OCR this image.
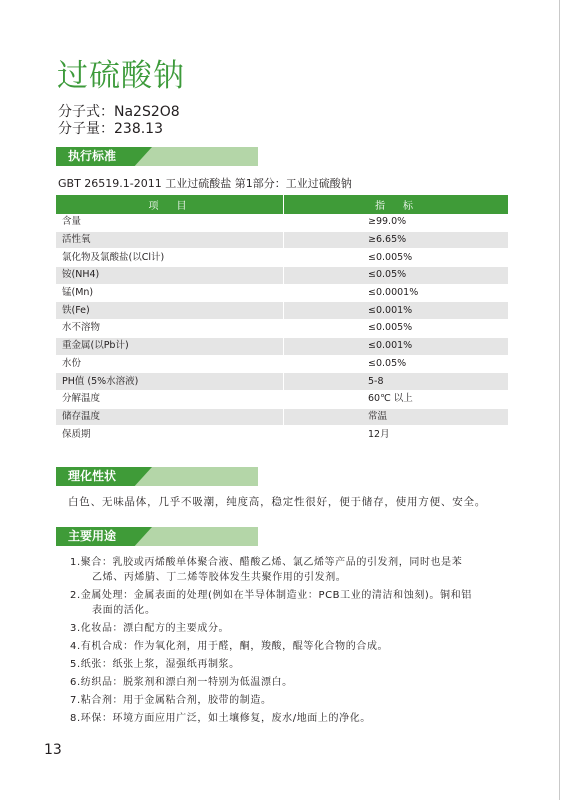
过硫酸钠
分子式：Na2S2O8
分子量：238.13
执行标准
GBT 26519.1-2011 工业过硫酸盐 第1部分：工业过硫酸钠
项　目	指　标
含量	≥99.0%
活性氧	≥6.65%
氯化物及氯酸盐(以Cl计)	≤0.005%
铵(NH4)	≤0.05%
锰(Mn)	≤0.0001%
铁(Fe)	≤0.001%
水不溶物	≤0.005%
重金属(以Pb计)	≤0.001%
水份	≤0.05%
PH值 (5%水溶液)	5-8
分解温度	60℃ 以上
储存温度	常温
保质期	12月
理化性状
白色、无味晶体，几乎不吸潮，纯度高，稳定性很好，便于储存，使用方便、安全。
主要用途
1.聚合：乳胶或丙烯酸单体聚合液、醋酸乙烯、氯乙烯等产品的引发剂，同时也是苯
乙烯、丙烯腈、丁二烯等胶体发生共聚作用的引发剂。
2.金属处理：金属表面的处理(例如在半导体制造业：PCB工业的清洁和蚀刻)。铜和铝
表面的活化。
3.化妆品：漂白配方的主要成分。
4.有机合成：作为氧化剂，用于醛，酮，羧酸，醌等化合物的合成。
5.纸张：纸张上浆，湿强纸再制浆。
6.纺织品：脱浆剂和漂白剂一特别为低温漂白。
7.粘合剂：用于金属粘合剂，胶带的制造。
8.环保：环境方面应用广泛，如土壤修复，废水/地面上的净化。
13
